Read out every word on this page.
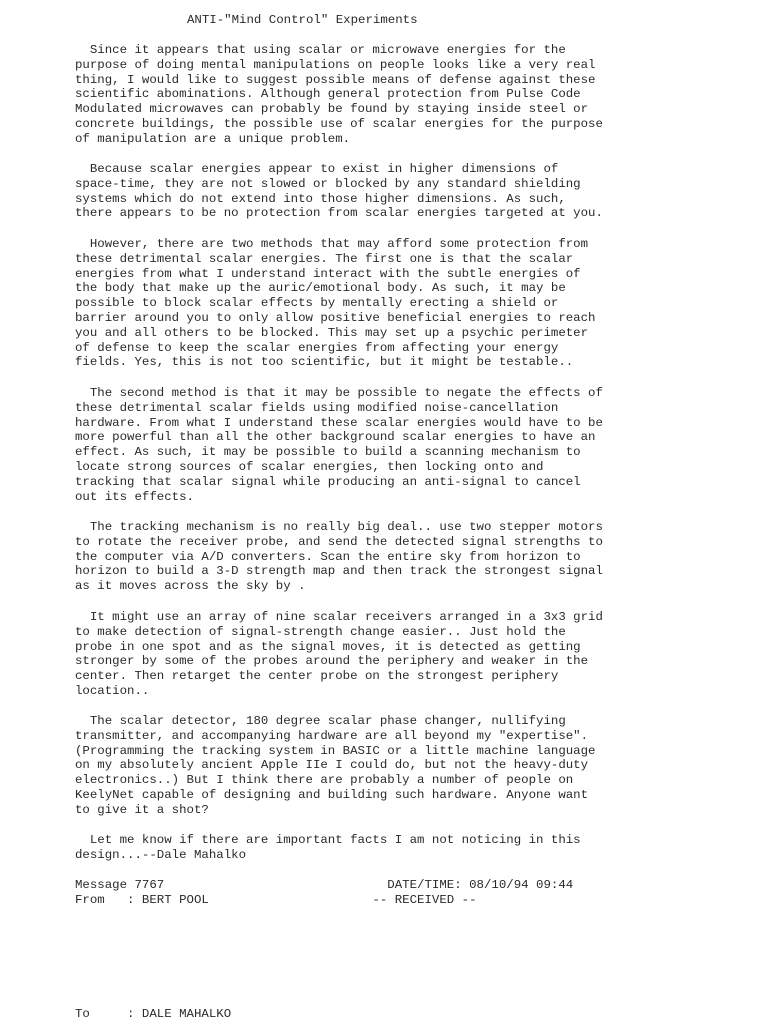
ANTI-"Mind Control" Experiments

Since it appears that using scalar or microwave energies for the
purpose of doing mental manipulations on people looks like a very real
thing, I would like to suggest possible means of defense against these
scientific abominations. Although general protection from Pulse Code
Modulated microwaves can probably be found by staying inside steel or
concrete buildings, the possible use of scalar energies for the purpose
of manipulation are a unique problem.

Because scalar energies appear to exist in higher dimensions of
space-time, they are not slowed or blocked by any standard shielding
systems which do not extend into those higher dimensions. As such,
there appears to be no protection from scalar energies targeted at you.

However, there are two methods that may afford some protection from
these detrimental scalar energies. The first one is that the scalar
energies from what I understand interact with the subtle energies of
the body that make up the auric/emotional body. As such, it may be
possible to block scalar effects by mentally erecting a shield or
barrier around you to only allow positive beneficial energies to reach
you and all others to be blocked. This may set up a psychic perimeter
of defense to keep the scalar energies from affecting your energy
fields. Yes, this is not too scientific, but it might be testable..

The second method is that it may be possible to negate the effects of
these detrimental scalar fields using modified noise-cancellation
hardware. From what I understand these scalar energies would have to be
more powerful than all the other background scalar energies to have an
effect. As such, it may be possible to build a scanning mechanism to
locate strong sources of scalar energies, then locking onto and
tracking that scalar signal while producing an anti-signal to cancel
out its effects.

The tracking mechanism is no really big deal.. use two stepper motors
to rotate the receiver probe, and send the detected signal strengths to
the computer via A/D converters. Scan the entire sky from horizon to
horizon to build a 3-D strength map and then track the strongest signal
as it moves across the sky by .

It might use an array of nine scalar receivers arranged in a 3x3 grid
to make detection of signal-strength change easier.. Just hold the
probe in one spot and as the signal moves, it is detected as getting
stronger by some of the probes around the periphery and weaker in the
center. Then retarget the center probe on the strongest periphery
location..

The scalar detector, 180 degree scalar phase changer, nullifying
transmitter, and accompanying hardware are all beyond my "expertise".
(Programming the tracking system in BASIC or a little machine language
on my absolutely ancient Apple IIe I could do, but not the heavy-duty
electronics..) But I think there are probably a number of people on
KeelyNet capable of designing and building such hardware. Anyone want
to give it a shot?

Let me know if there are important facts I am not noticing in this
design...--Dale Mahalko

Message 7767                              DATE/TIME: 08/10/94 09:44
From   : BERT POOL                      -- RECEIVED --
To     : DALE MAHALKO
